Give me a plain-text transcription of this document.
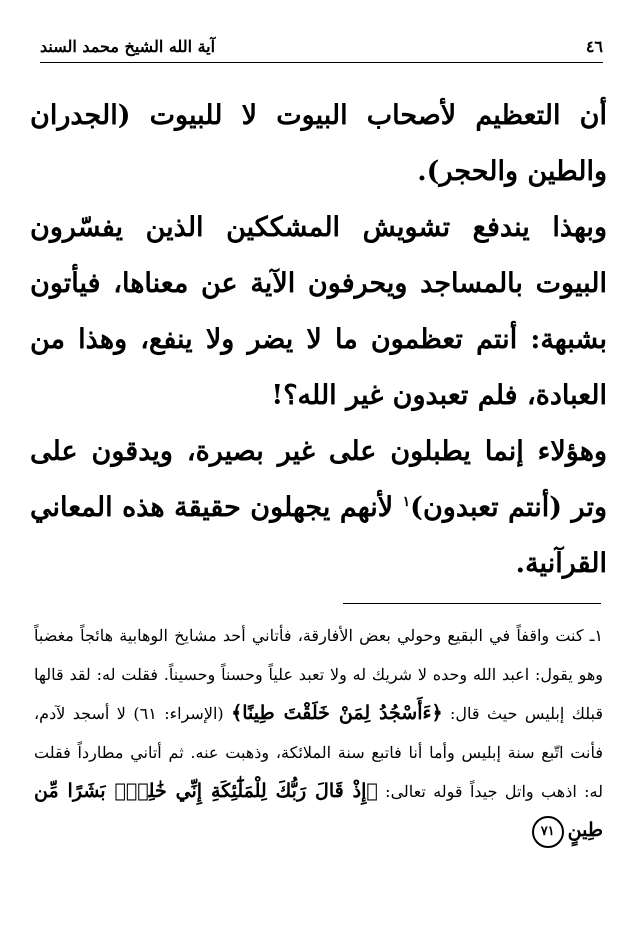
٤٦
آية الله الشيخ محمد السند

أن التعظيم لأصحاب البيوت لا للبيوت (الجدران والطين والحجر).

وبهذا يندفع تشويش المشككين الذين يفسّرون البيوت بالمساجد ويحرفون الآية عن معناها، فيأتون بشبهة: أنتم تعظمون ما لا يضر ولا ينفع، وهذا من العبادة، فلم تعبدون غير الله؟!

وهؤلاء إنما يطبلون على غير بصيرة، ويدقون على وتر (أنتم تعبدون)$^١$ لأنهم يجهلون حقيقة هذه المعاني القرآنية.

١ـ كنت واقفاً في البقيع وحولي بعض الأفارقة، فأتاني أحد مشايخ الوهابية هائجاً مغضباً وهو يقول: اعبد الله وحده لا شريك له ولا تعبد علياً وحسناً وحسيناً. فقلت له: لقد قالها قبلك إبليس حيث قال: ﴿ءَأَسْجُدُ لِمَنْ خَلَقْتَ طِينًا﴾ (الإسراء: ٦١) لا أسجد لآدم، فأنت اتّبع سنة إبليس وأما أنا فاتبع سنة الملائكة، وذهبت عنه. ثم أتاني مطارداً فقلت له: اذهب واتل جيداً قوله تعالى: ﴿إِذْ قَالَ رَبُّكَ لِلْمَلَٰٓئِكَةِ إِنِّي خَٰلِقٌۢ بَشَرًا مِّن طِينٍ٧١
